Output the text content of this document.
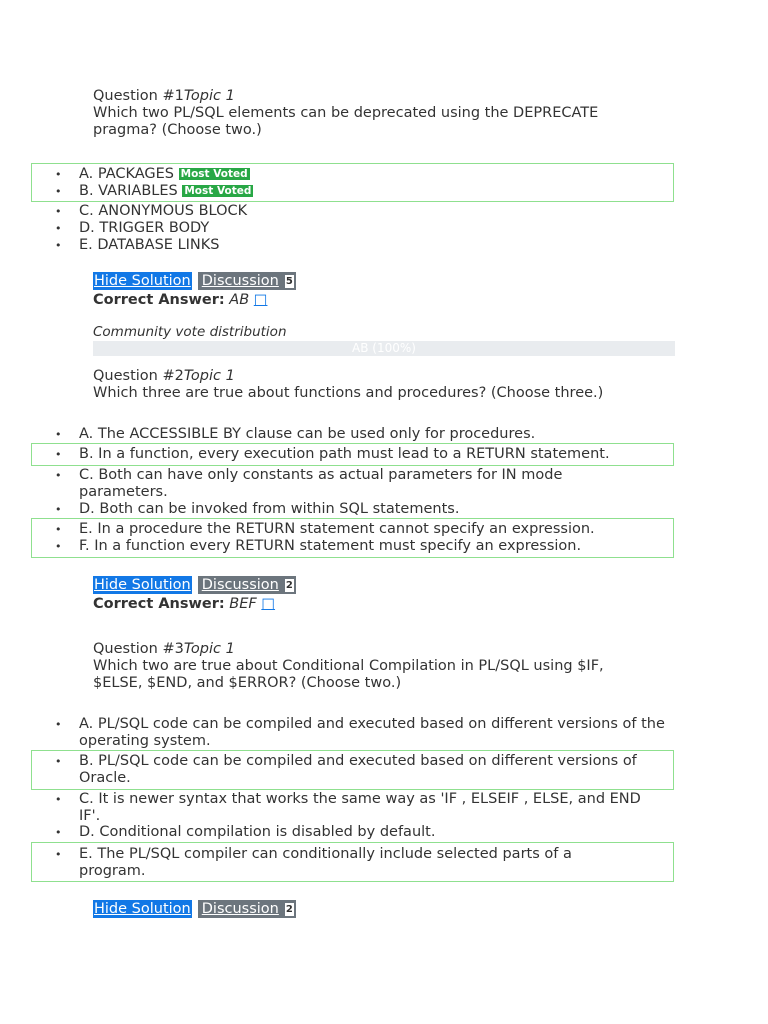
Question #1Topic 1
Which two PL/SQL elements can be deprecated using the DEPRECATE pragma? (Choose two.)
• A. PACKAGES Most Voted
• B. VARIABLES Most Voted
• C. ANONYMOUS BLOCK
• D. TRIGGER BODY
• E. DATABASE LINKS
Hide Solution Discussion 5
Correct Answer: AB □
Community vote distribution
AB (100%)
Question #2Topic 1
Which three are true about functions and procedures? (Choose three.)
• A. The ACCESSIBLE BY clause can be used only for procedures.
• B. In a function, every execution path must lead to a RETURN statement.
• C. Both can have only constants as actual parameters for IN mode parameters.
• D. Both can be invoked from within SQL statements.
• E. In a procedure the RETURN statement cannot specify an expression.
• F. In a function every RETURN statement must specify an expression.
Hide Solution Discussion 2
Correct Answer: BEF □
Question #3Topic 1
Which two are true about Conditional Compilation in PL/SQL using $IF, $ELSE, $END, and $ERROR? (Choose two.)
• A. PL/SQL code can be compiled and executed based on different versions of the operating system.
• B. PL/SQL code can be compiled and executed based on different versions of Oracle.
• C. It is newer syntax that works the same way as 'IF , ELSEIF , ELSE, and END IF'.
• D. Conditional compilation is disabled by default.
• E. The PL/SQL compiler can conditionally include selected parts of a program.
Hide Solution Discussion 2
